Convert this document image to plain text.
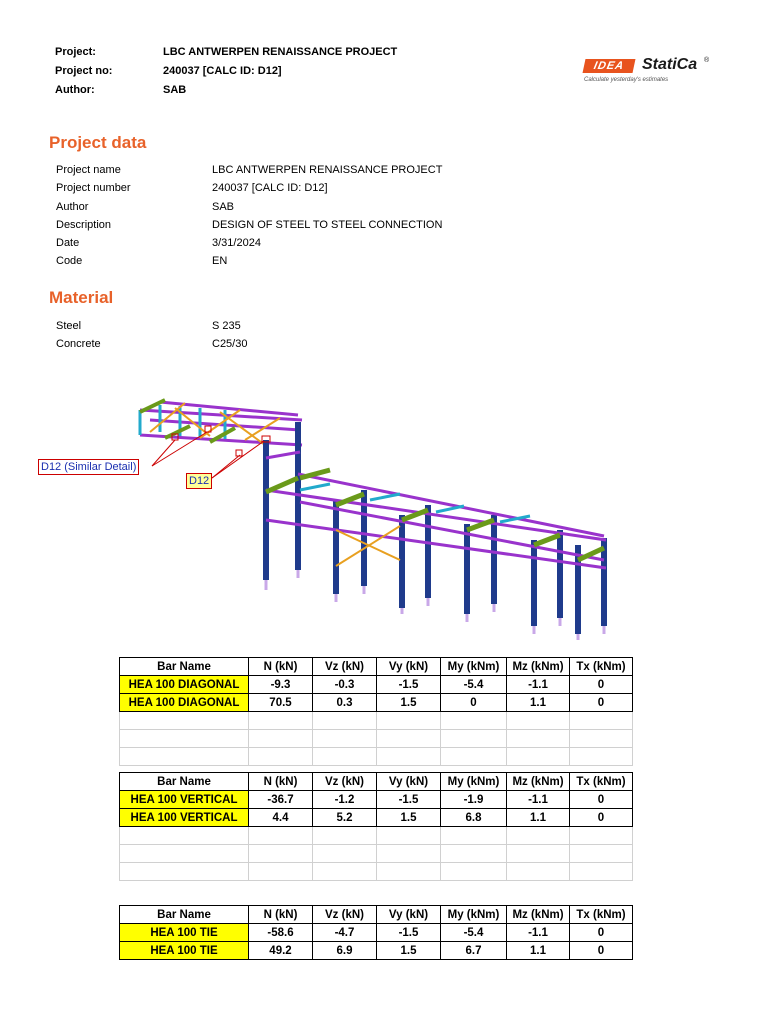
Project:	LBC ANTWERPEN RENAISSANCE PROJECT
Project no:	240037 [CALC ID: D12]
Author:	SAB
IDEA	StatiCa ®
Calculate yesterday's estimates
Project data
Project name	LBC ANTWERPEN RENAISSANCE PROJECT
Project number	240037 [CALC ID: D12]
Author	SAB
Description	DESIGN OF STEEL TO STEEL CONNECTION
Date	3/31/2024
Code	EN
Material
Steel	S 235
Concrete	C25/30
D12 (Similar Detail)
D12
Bar Name	N (kN)	Vz (kN)	Vy (kN)	My (kNm)	Mz (kNm)	Tx (kNm)
HEA 100 DIAGONAL	-9.3	-0.3	-1.5	-5.4	-1.1	0
HEA 100 DIAGONAL	70.5	0.3	1.5	0	1.1	0

Bar Name	N (kN)	Vz (kN)	Vy (kN)	My (kNm)	Mz (kNm)	Tx (kNm)
HEA 100 VERTICAL	-36.7	-1.2	-1.5	-1.9	-1.1	0
HEA 100 VERTICAL	4.4	5.2	1.5	6.8	1.1	0

Bar Name	N (kN)	Vz (kN)	Vy (kN)	My (kNm)	Mz (kNm)	Tx (kNm)
HEA 100 TIE	-58.6	-4.7	-1.5	-5.4	-1.1	0
HEA 100 TIE	49.2	6.9	1.5	6.7	1.1	0
